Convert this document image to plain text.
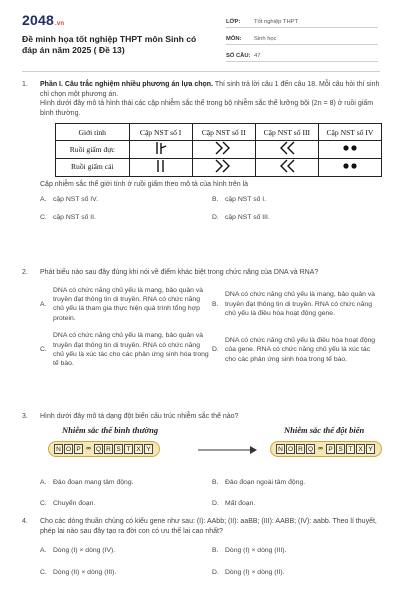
2048.vn
Đề minh họa tốt nghiệp THPT môn Sinh có đáp án năm 2025 ( Đề 13)
LỚP:	Tốt nghiệp THPT
MÔN:	Sinh học
SỐ CÂU: 47
1. Phần I. Câu trắc nghiệm nhiều phương án lựa chọn. Thí sinh trả lời câu 1 đến câu 18. Mỗi câu hỏi thí sinh chỉ chọn một phương án.
Hình dưới đây mô tả hình thái các cặp nhiễm sắc thể trong bộ nhiễm sắc thể lưỡng bội (2n = 8) ở ruồi giấm bình thường.
Giới tính	Cặp NST số I	Cặp NST số II	Cặp NST số III	Cặp NST số IV
Ruồi giấm đực				
Ruồi giấm cái				
Cặp nhiễm sắc thể giới tính ở ruồi giấm theo mô tả của hình trên là
A. cặp NST số IV.	B. cặp NST số I.
C. cặp NST số II.	D. cặp NST số III.
2. Phát biểu nào sau đây đúng khi nói về điểm khác biệt trong chức năng của DNA và RNA?
A.
DNA có chức năng chủ yếu là mang, bảo quản và truyền đạt thông tin di truyền. RNA có chức năng chủ yếu là tham gia thực hiện quá trình tổng hợp protein.
B.
DNA có chức năng chủ yếu là mang, bảo quản và truyền đạt thông tin di truyền. RNA có chức năng chủ yếu là điều hòa hoạt động gene.
C.
DNA có chức năng chủ yếu là mang, bảo quản và truyền đạt thông tin di truyền. RNA có chức năng chủ yếu là xúc tác cho các phản ứng sinh hóa trong tế bào.
D.
DNA có chức năng chủ yếu là điều hòa hoạt động của gene. RNA có chức năng chủ yếu là xúc tác cho các phản ứng sinh hóa trong tế bào.
3. Hình dưới đây mô tả dạng đột biến cấu trúc nhiễm sắc thể nào?
Nhiễm sắc thể bình thường
N O P ∞ Q R S T X Y
Nhiễm sắc thể đột biến
N O R Q ∞ P S T X Y
A. Đảo đoạn mang tâm động.	B. Đảo đoạn ngoài tâm động.
C. Chuyển đoạn.	D. Mất đoạn.
4. Cho các dòng thuần chủng có kiểu gene như sau: (I): AAbb; (II): aaBB; (III): AABB; (IV): aabb. Theo lí thuyết, phép lai nào sau đây tạo ra đời con có ưu thế lai cao nhất?
A. Dòng (I) × dòng (IV).	B. Dòng (I) × dòng (III).
C. Dòng (II) × dòng (III).	D. Dòng (I) × dòng (II).
